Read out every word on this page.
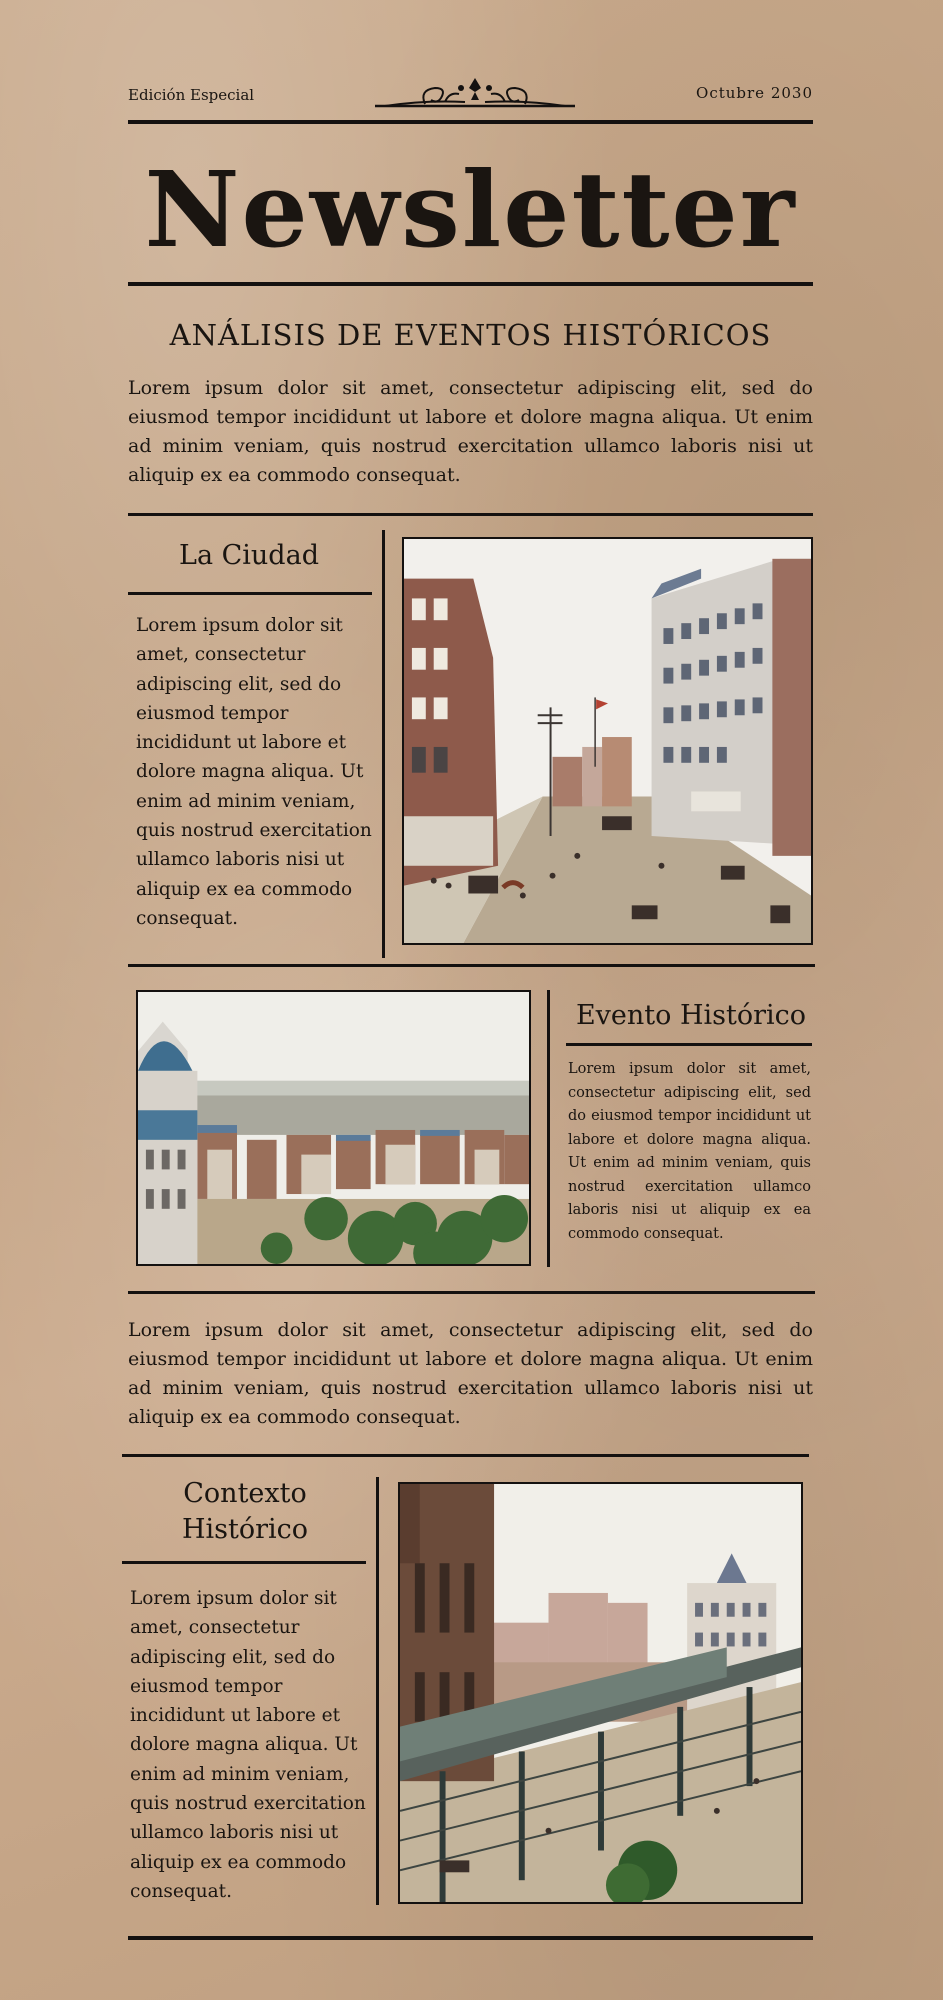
Edición Especial	Octubre 2030
Newsletter
ANÁLISIS DE EVENTOS HISTÓRICOS
Lorem ipsum dolor sit amet, consectetur adipiscing elit, sed do eiusmod tempor incididunt ut labore et dolore magna aliqua. Ut enim ad minim veniam, quis nostrud exercitation ullamco laboris nisi ut aliquip ex ea commodo consequat.
La Ciudad
Lorem ipsum dolor sit amet, consectetur adipiscing elit, sed do eiusmod tempor incididunt ut labore et dolore magna aliqua. Ut enim ad minim veniam, quis nostrud exercitation ullamco laboris nisi ut aliquip ex ea commodo consequat.
Evento Histórico
Lorem ipsum dolor sit amet, consectetur adipiscing elit, sed do eiusmod tempor incididunt ut labore et dolore magna aliqua. Ut enim ad minim veniam, quis nostrud exercitation ullamco laboris nisi ut aliquip ex ea commodo consequat.
Lorem ipsum dolor sit amet, consectetur adipiscing elit, sed do eiusmod tempor incididunt ut labore et dolore magna aliqua. Ut enim ad minim veniam, quis nostrud exercitation ullamco laboris nisi ut aliquip ex ea commodo consequat.
Contexto Histórico
Lorem ipsum dolor sit amet, consectetur adipiscing elit, sed do eiusmod tempor incididunt ut labore et dolore magna aliqua. Ut enim ad minim veniam, quis nostrud exercitation ullamco laboris nisi ut aliquip ex ea commodo consequat.
